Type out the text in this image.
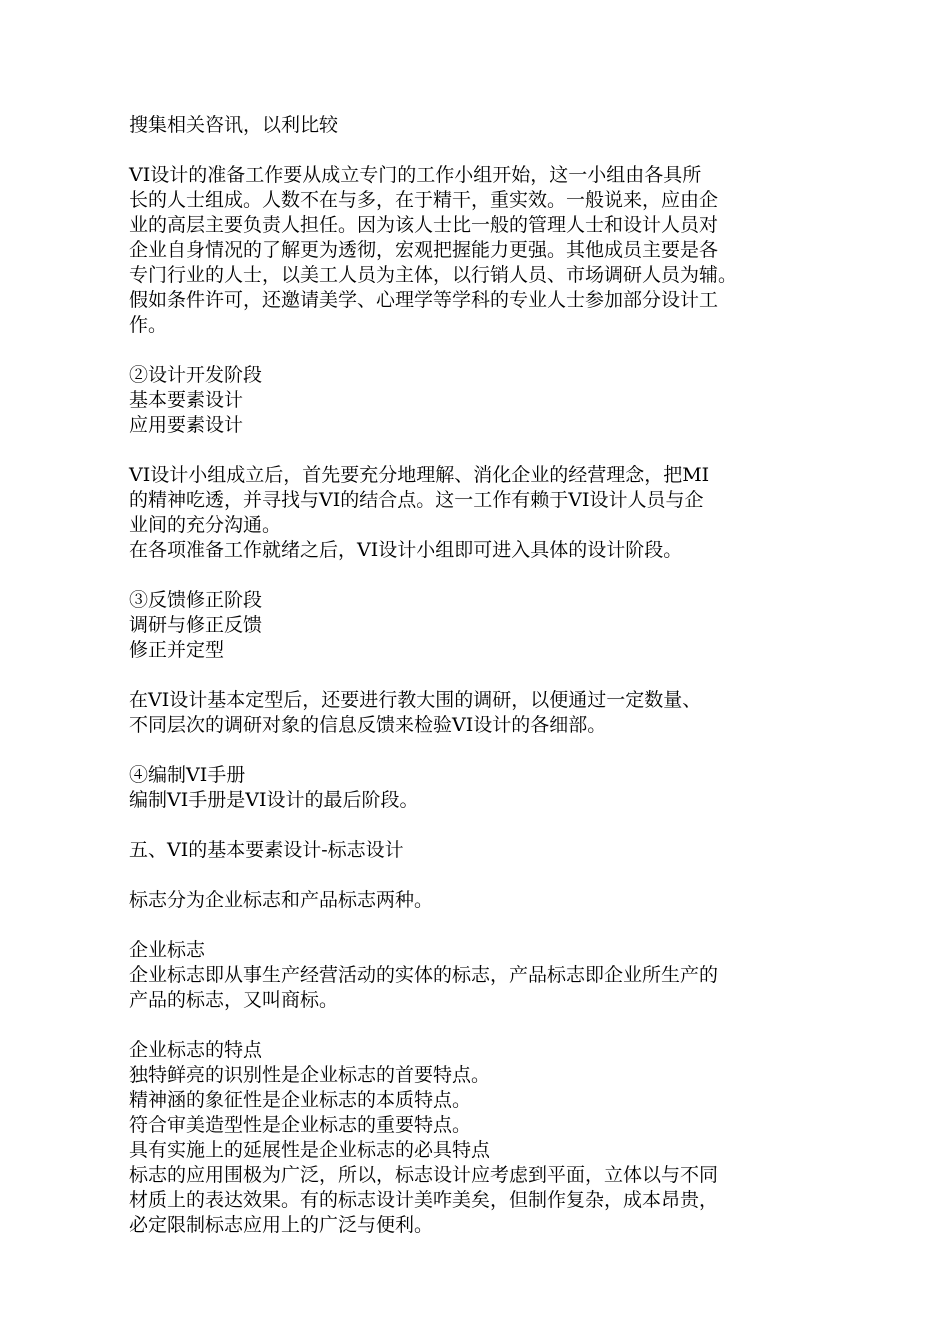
搜集相关咨讯，以利比较
VI设计的准备工作要从成立专门的工作小组开始，这一小组由各具所
长的人士组成。人数不在与多，在于精干，重实效。一般说来，应由企
业的高层主要负责人担任。因为该人士比一般的管理人士和设计人员对
企业自身情况的了解更为透彻，宏观把握能力更强。其他成员主要是各
专门行业的人士，以美工人员为主体，以行销人员、市场调研人员为辅。
假如条件许可，还邀请美学、心理学等学科的专业人士参加部分设计工
作。
②设计开发阶段
基本要素设计
应用要素设计
VI设计小组成立后，首先要充分地理解、消化企业的经营理念，把MI
的精神吃透，并寻找与VI的结合点。这一工作有赖于VI设计人员与企
业间的充分沟通。
在各项准备工作就绪之后，VI设计小组即可进入具体的设计阶段。
③反馈修正阶段
调研与修正反馈
修正并定型
在VI设计基本定型后，还要进行教大围的调研，以便通过一定数量、
不同层次的调研对象的信息反馈来检验VI设计的各细部。
④编制VI手册
编制VI手册是VI设计的最后阶段。
五、VI的基本要素设计-标志设计
标志分为企业标志和产品标志两种。
企业标志
企业标志即从事生产经营活动的实体的标志，产品标志即企业所生产的
产品的标志，又叫商标。
企业标志的特点
独特鲜亮的识别性是企业标志的首要特点。
精神涵的象征性是企业标志的本质特点。
符合审美造型性是企业标志的重要特点。
具有实施上的延展性是企业标志的必具特点
标志的应用围极为广泛，所以，标志设计应考虑到平面，立体以与不同
材质上的表达效果。有的标志设计美咋美矣，但制作复杂，成本昂贵，
必定限制标志应用上的广泛与便利。
